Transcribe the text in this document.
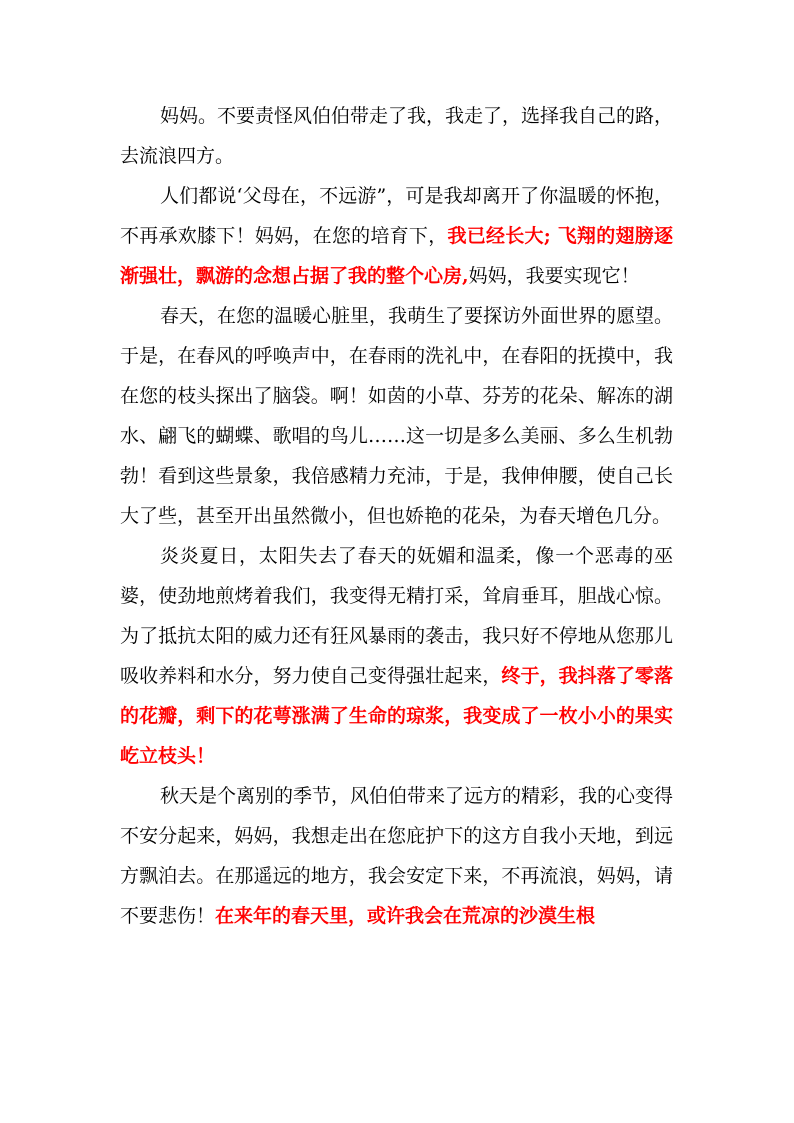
妈妈。不要责怪风伯伯带走了我，我走了，选择我自己的路，去流浪四方。

人们都说‘父母在，不远游”，可是我却离开了你温暖的怀抱，不再承欢膝下！妈妈，在您的培育下，我已经长大; 飞翔的翅膀逐渐强壮，飘游的念想占据了我的整个心房,妈妈，我要实现它！

春天，在您的温暖心脏里，我萌生了要探访外面世界的愿望。于是，在春风的呼唤声中，在春雨的洗礼中，在春阳的抚摸中，我在您的枝头探出了脑袋。啊！如茵的小草、芬芳的花朵、解冻的湖水、翩飞的蝴蝶、歌唱的鸟儿……这一切是多么美丽、多么生机勃勃！看到这些景象，我倍感精力充沛，于是，我伸伸腰，使自己长大了些，甚至开出虽然微小，但也娇艳的花朵，为春天增色几分。

炎炎夏日，太阳失去了春天的妩媚和温柔，像一个恶毒的巫婆，使劲地煎烤着我们，我变得无精打采，耸肩垂耳，胆战心惊。为了抵抗太阳的威力还有狂风暴雨的袭击，我只好不停地从您那儿吸收养料和水分，努力使自己变得强壮起来，终于，我抖落了零落的花瓣，剩下的花萼涨满了生命的琼浆，我变成了一枚小小的果实屹立枝头！

秋天是个离别的季节，风伯伯带来了远方的精彩，我的心变得不安分起来，妈妈，我想走出在您庇护下的这方自我小天地，到远方飘泊去。在那遥远的地方，我会安定下来，不再流浪，妈妈，请不要悲伤！在来年的春天里，或许我会在荒凉的沙漠生根
